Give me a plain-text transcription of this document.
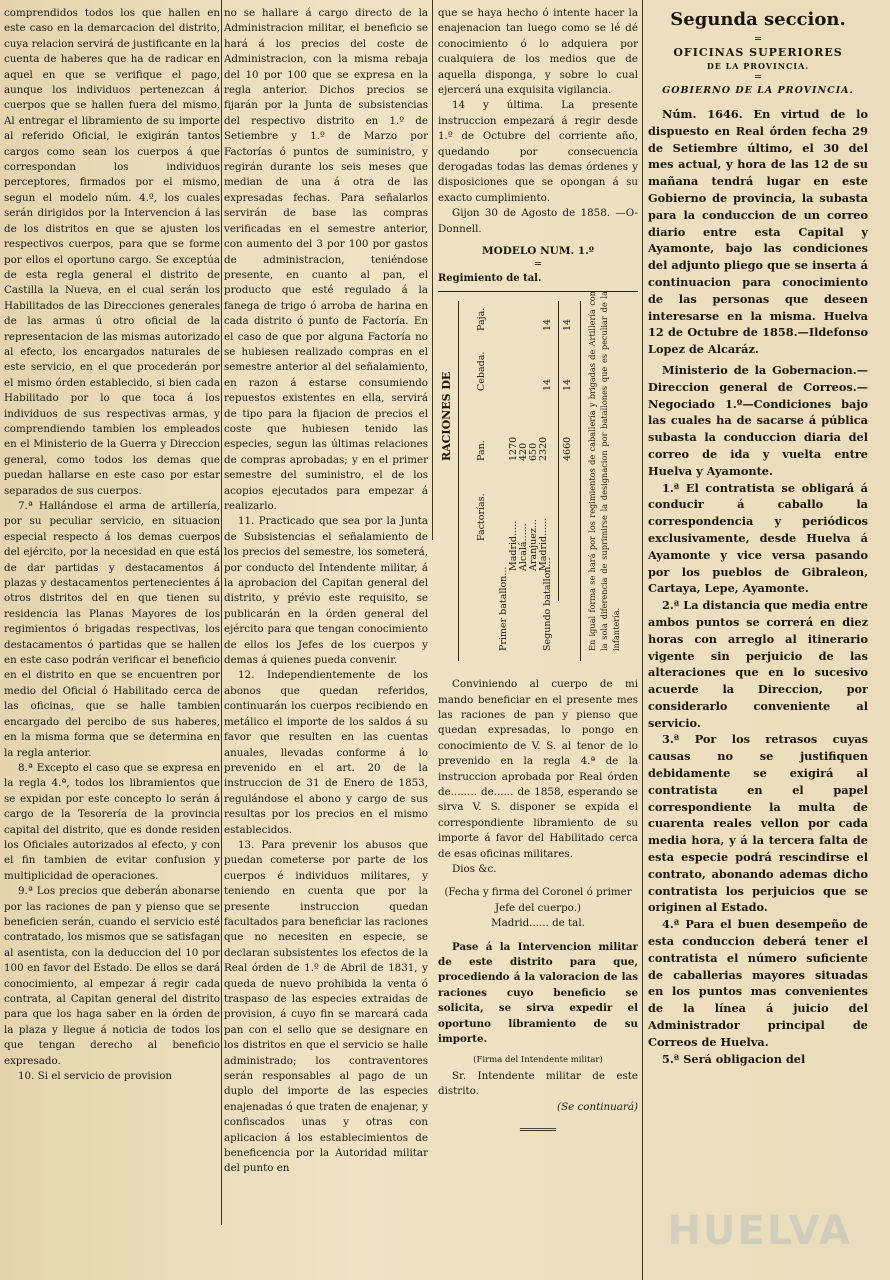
comprendidos todos los que hallen en este caso en la demarcacion del distrito, cuya relacion servirá de justificante en la cuenta de haberes que ha de radicar en aquel en que se verifique el pago, aunque los individuos pertenezcan á cuerpos que se hallen fuera del mismo. Al entregar el libramiento de su importe al referido Oficial, le exigirán tantos cargos como sean los cuerpos á que correspondan los individuos perceptores, firmados por el mismo, segun el modelo núm. 4.º, los cuales serán dirigidos por la Intervencion á las de los distritos en que se ajusten los respectivos cuerpos, para que se forme por ellos el oportuno cargo. Se exceptúa de esta regla general el distrito de Castilla la Nueva, en el cual serán los Habilitados de las Direcciones generales de las armas ú otro oficial de la representacion de las mismas autorizado al efecto, los encargados naturales de este servicio, en el que procederán por el mismo órden establecido, si bien cada Habilitado por lo que toca á los individuos de sus respectivas armas, y comprendiendo tambien los empleados en el Ministerio de la Guerra y Direccion general, como todos los demas que puedan hallarse en este caso por estar separados de sus cuerpos.

7.ª Hallándose el arma de artillería, por su peculiar servicio, en situacion especial respecto á los demas cuerpos del ejército, por la necesidad en que está de dar partidas y destacamentos á plazas y destacamentos pertenecientes á otros distritos del en que tienen su residencia las Planas Mayores de los regimientos ó brigadas respectivas, los destacamentos ó partidas que se hallen en este caso podrán verificar el beneficio en el distrito en que se encuentren por medio del Oficial ó Habilitado cerca de las oficinas, que se halle tambien encargado del percibo de sus haberes, en la misma forma que se determina en la regla anterior.

8.ª Excepto el caso que se expresa en la regla 4.ª, todos los libramientos que se expidan por este concepto lo serán á cargo de la Tesorería de la provincia capital del distrito, que es donde residen los Oficiales autorizados al efecto, y con el fin tambien de evitar confusion y multiplicidad de operaciones.

9.ª Los precios que deberán abonarse por las raciones de pan y pienso que se beneficien serán, cuando el servicio esté contratado, los mismos que se satisfagan al asentista, con la deduccion del 10 por 100 en favor del Estado. De ellos se dará conocimiento, al empezar á regir cada contrata, al Capitan general del distrito para que los haga saber en la órden de la plaza y llegue á noticia de todos los que tengan derecho al beneficio expresado.

10. Si el servicio de provision

no se hallare á cargo directo de la Administracion militar, el beneficio se hará á los precios del coste de Administracion, con la misma rebaja del 10 por 100 que se expresa en la regla anterior. Dichos precios se fijarán por la Junta de subsistencias del respectivo distrito en 1.º de Setiembre y 1.º de Marzo por Factorías ó puntos de suministro, y regirán durante los seis meses que median de una á otra de las expresadas fechas. Para señalarlos servirán de base las compras verificadas en el semestre anterior, con aumento del 3 por 100 por gastos de administracion, teniéndose presente, en cuanto al pan, el producto que esté regulado á la fanega de trigo ó arroba de harina en cada distrito ó punto de Factoría. En el caso de que por alguna Factoría no se hubiesen realizado compras en el semestre anterior al del señalamiento, en razon á estarse consumiendo repuestos existentes en ella, servirá de tipo para la fijacion de precios el coste que hubiesen tenido las especies, segun las últimas relaciones de compras aprobadas; y en el primer semestre del suministro, el de los acopios ejecutados para empezar á realizarlo.

11. Practicado que sea por la Junta de Subsistencias el señalamiento de los precios del semestre, los someterá, por conducto del Intendente militar, á la aprobacion del Capitan general del distrito, y prévio este requisito, se publicarán en la órden general del ejército para que tengan conocimiento de ellos los Jefes de los cuerpos y demas á quienes pueda convenir.

12. Independientemente de los abonos que quedan referidos, continuarán los cuerpos recibiendo en metálico el importe de los saldos á su favor que resulten en las cuentas anuales, llevadas conforme á lo prevenido en el art. 20 de la instruccion de 31 de Enero de 1853, regulándose el abono y cargo de sus resultas por los precios en el mismo establecidos.

13. Para prevenir los abusos que puedan cometerse por parte de los cuerpos é individuos militares, y teniendo en cuenta que por la presente instruccion quedan facultados para beneficiar las raciones que no necesiten en especie, se declaran subsistentes los efectos de la Real órden de 1.º de Abril de 1831, y queda de nuevo prohibida la venta ó traspaso de las especies extraidas de provision, á cuyo fin se marcará cada pan con el sello que se designare en los distritos en que el servicio se halle administrado; los contraventores serán responsables al pago de un duplo del importe de las especies enajenadas ó que traten de enajenar, y confiscados unas y otras con aplicacion á los establecimientos de beneficencia por la Autoridad militar del punto en

que se haya hecho ó intente hacer la enajenacion tan luego como se lé dé conocimiento ó lo adquiera por cualquiera de los medios que de aquella disponga, y sobre lo cual ejercerá una exquisita vigilancia.

14 y última. La presente instruccion empezará á regir desde 1.º de Octubre del corriente año, quedando por consecuencia derogadas todas las demas órdenes y disposiciones que se opongan á su exacto cumplimiento.

Gijon 30 de Agosto de 1858. —O-Donnell.

MODELO NUM. 1.º
═
Regimiento de tal.
RACIONES DE
Factorías.
Pan.
Cebada.
Paja.
Primer batallon...	Segundo batallon...
Madrid..... Alcalá...... Aranjuez... Madrid......
1270 420 650 2320 4660
14 14
14 14 En igual forma se hará por los regimientos de caballería y brigadas de Artillería con la sola diferencia de suprimirse la designacion por batallones que es peculiar de la infantería.

Conviniendo al cuerpo de mi mando beneficiar en el presente mes las raciones de pan y pienso que quedan expresadas, lo pongo en conocimiento de V. S. al tenor de lo prevenido en la regla 4.ª de la instruccion aprobada por Real órden de........ de...... de 1858, esperando se sirva V. S. disponer se expida el correspondiente libramiento de su importe á favor del Habilitado cerca de esas oficinas militares.

Dios &c.

(Fecha y firma del Coronel ó primer Jefe del cuerpo.)

Madrid...... de tal.

Pase á la Intervencion militar de este distrito para que, procediendo á la valoracion de las raciones cuyo beneficio se solicita, se sirva expedir el oportuno libramiento de su importe.

(Firma del Intendente militar)

Sr. Intendente militar de este distrito.

(Se continuará)

══════

Segunda seccion.

═

OFICINAS SUPERIORES

DE LA PROVINCIA.

═

GOBIERNO DE LA PROVINCIA.

Núm. 1646. En virtud de lo dispuesto en Real órden fecha 29 de Setiembre último, el 30 del mes actual, y hora de las 12 de su mañana tendrá lugar en este Gobierno de provincia, la subasta para la conduccion de un correo diario entre esta Capital y Ayamonte, bajo las condiciones del adjunto pliego que se inserta á continuacion para conocimiento de las personas que deseen interesarse en la misma. Huelva 12 de Octubre de 1858.—Ildefonso Lopez de Alcaráz.

Ministerio de la Gobernacion.—Direccion general de Correos.—Negociado 1.º—Condiciones bajo las cuales ha de sacarse á pública subasta la conduccion diaria del correo de ida y vuelta entre Huelva y Ayamonte.

1.ª El contratista se obligará á conducir á caballo la correspondencia y periódicos exclusivamente, desde Huelva á Ayamonte y vice versa pasando por los pueblos de Gibraleon, Cartaya, Lepe, Ayamonte.

2.ª La distancia que media entre ambos puntos se correrá en diez horas con arreglo al itinerario vigente sin perjuicio de las alteraciones que en lo sucesivo acuerde la Direccion, por considerarlo conveniente al servicio.

3.ª Por los retrasos cuyas causas no se justifiquen debidamente se exigirá al contratista en el papel correspondiente la multa de cuarenta reales vellon por cada media hora, y á la tercera falta de esta especie podrá rescindirse el contrato, abonando ademas dicho contratista los perjuicios que se originen al Estado.

4.ª Para el buen desempeño de esta conduccion deberá tener el contratista el número suficiente de caballerias mayores situadas en los puntos mas convenientes de la línea á juicio del Administrador principal de Correos de Huelva.

5.ª Será obligacion del

HUELVA
